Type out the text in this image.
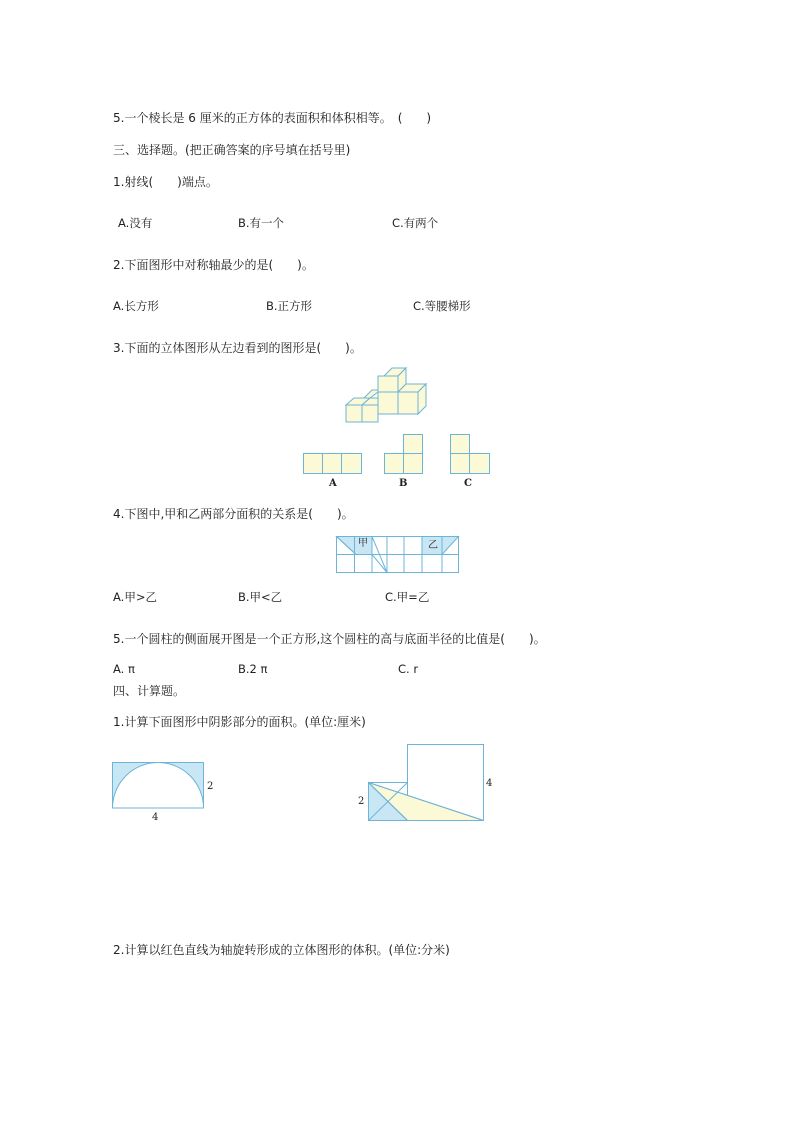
5.一个棱长是 6 厘米的正方体的表面积和体积相等。　(　　)
三、选择题。(把正确答案的序号填在括号里)
1.射线(　　)端点。
A.没有	B.有一个	C.有两个
2.下面图形中对称轴最少的是(　　)。
A.长方形	B.正方形	C.等腰梯形
3.下面的立体图形从左边看到的图形是(　　)。
A	B	C
4.下图中,甲和乙两部分面积的关系是(　　)。
甲	乙
A.甲>乙	B.甲<乙	C.甲=乙
5.一个圆柱的侧面展开图是一个正方形,这个圆柱的高与底面半径的比值是(　　)。
A. π	B.2 π	C. r
四、计算题。
1.计算下面图形中阴影部分的面积。(单位:厘米)
2
4
2
4
2.计算以红色直线为轴旋转形成的立体图形的体积。(单位:分米)
